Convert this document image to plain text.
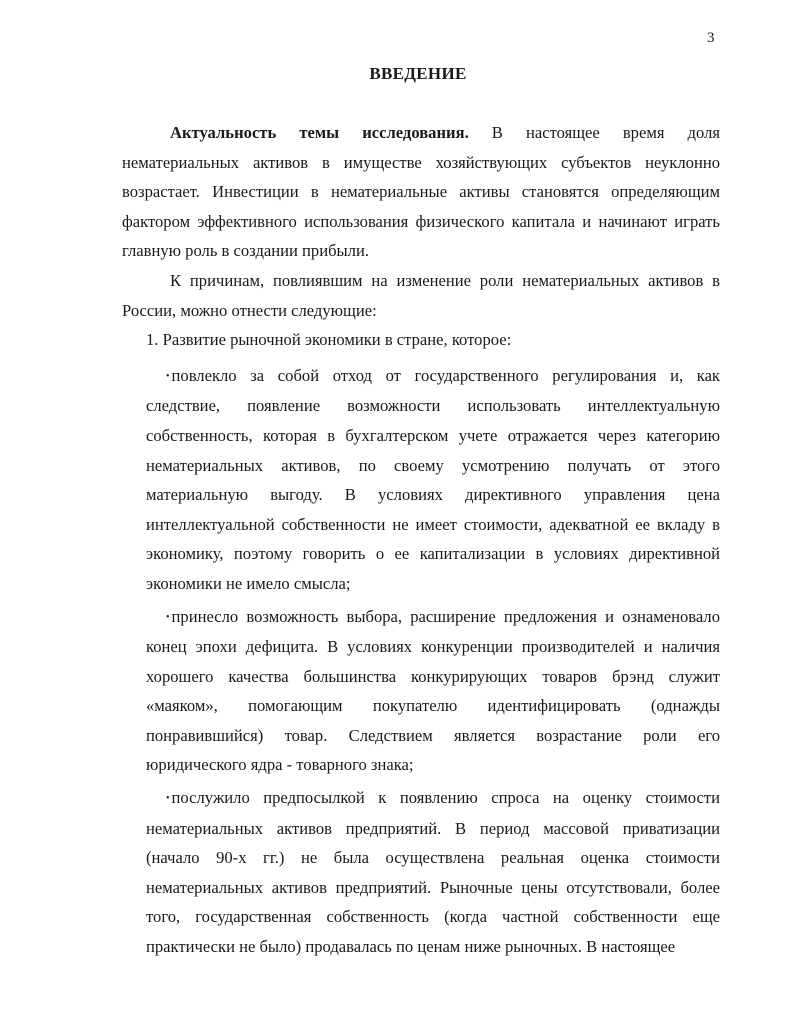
3
ВВЕДЕНИЕ

Актуальность темы исследования. В настоящее время доля нематериальных активов в имуществе хозяйствующих субъектов неуклонно возрастает. Инвестиции в нематериальные активы становятся определяющим фактором эффективного использования физического капитала и начинают играть главную роль в создании прибыли.

К причинам, повлиявшим на изменение роли нематериальных активов в России, можно отнести следующие:

1. Развитие рыночной экономики в стране, которое:

• повлекло за собой отход от государственного регулирования и, как следствие, появление возможности использовать интеллектуальную собственность, которая в бухгалтерском учете отражается через категорию нематериальных активов, по своему усмотрению получать от этого материальную выгоду. В условиях директивного управления цена интеллектуальной собственности не имеет стоимости, адекватной ее вкладу в экономику, поэтому говорить о ее капитализации в условиях директивной экономики не имело смысла;

• принесло возможность выбора, расширение предложения и ознаменовало конец эпохи дефицита. В условиях конкуренции производителей и наличия хорошего качества большинства конкурирующих товаров брэнд служит «маяком», помогающим покупателю идентифицировать (однажды понравившийся) товар. Следствием является возрастание роли его юридического ядра - товарного знака;

• послужило предпосылкой к появлению спроса на оценку стоимости нематериальных активов предприятий. В период массовой приватизации (начало 90-х гг.) не была осуществлена реальная оценка стоимости нематериальных активов предприятий. Рыночные цены отсутствовали, более того, государственная собственность (когда частной собственности еще практически не было) продавалась по ценам ниже рыночных. В настоящее
